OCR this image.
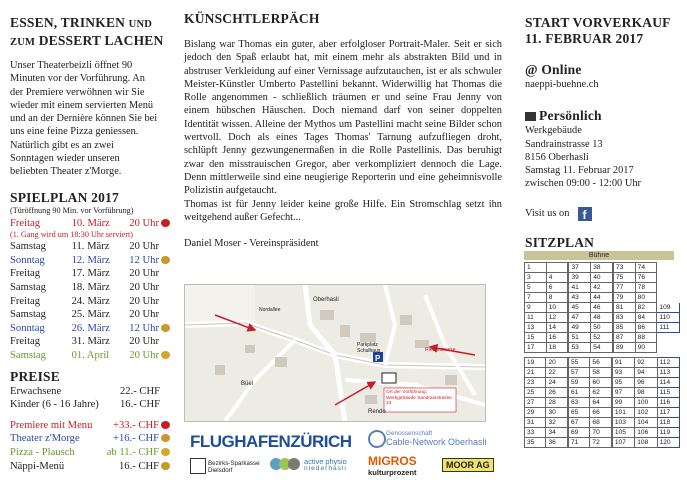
ESSEN, TRINKEN UND
ZUM DESSERT LACHEN

Unser Theaterbeizli öffnet 90 Minuten vor der Vorführung. An der Premiere verwöhnen wir Sie wieder mit einem servierten Menü und an der Dernière können Sie bei uns eine feine Pizza geniessen. Natürlich gibt es an zwei Sonntagen wieder unseren beliebten Theater z'Morge.

SPIELPLAN 2017

(Türöffnung 90 Min. vor Vorführung)

Freitag	10. März	20 Uhr
(1. Gang wird um 18:30 Uhr serviert)		
Samstag	11. März	20 Uhr
Sonntag	12. März	12 Uhr
Freitag	17. März	20 Uhr
Samstag	18. März	20 Uhr
Freitag	24. März	20 Uhr
Samstag	25. März	20 Uhr
Sonntag	26. März	12 Uhr
Freitag	31. März	20 Uhr
Samstag	01. April	20 Uhr
PREISE
Erwachsene	22.- CHF
Kinder (6 - 16 Jahre)	16.- CHF
Premiere mit Menu	+33.- CHF
Theater z'Morge	+16.- CHF
Pizza - Plausch	ab 11.- CHF
Näppi-Menü	16.- CHF
KÜNSCHTLERPÄCH

Bislang war Thomas ein guter, aber erfolgloser Portrait-Maler. Seit er sich jedoch den Spaß erlaubt hat, mit einem mehr als abstrakten Bild und in abstruser Verkleidung auf einer Vernissage aufzutauchen, ist er als schwuler Meister-Künstler Umberto Pastellini bekannt. Widerwillig hat Thomas die Rolle angenommen - schließlich träumen er und seine Frau Jenny von einem hübschen Häuschen. Doch niemand darf von seiner doppelten Identität wissen. Alleine der Mythos um Pastellini macht seine Bilder schon wertvoll. Doch als eines Tages Thomas' Tarnung aufzufliegen droht, schlüpft Jenny gezwungenermaßen in die Rolle Pastellinis. Das beruhigt zwar den misstrauischen Gregor, aber verkompliziert dennoch die Lage. Denn mittlerweile sind eine neugierige Reporterin und eine geheimnisvolle Polizistin aufgetaucht.

Thomas ist für Jenny leider keine große Hilfe. Ein Stromschlag setzt ihn weitgehend außer Gefecht...

Daniel Moser - Vereinspräsident

P
Oberhasli
Büel
Rendo
Parkplatz Schulhaus	Rietenstrasse
Nordallee
Ort der Vorführung: Werkgebäude Sandrainstrasse 13
FLUGHAFENZÜRICH	Genossenschaft
Cable-Network Oberhasli
Bezirks-Sparkasse Dielsdorf
active physio
niederhasli
MIGROS
kulturprozent
MOOR AG
START VORVERKAUF
11. FEBRUAR 2017
@ Online

naeppi-buehne.ch

Persönlich
Werkgebäude
Sandrainstrasse 13
8156 Oberhasli
Samstag 11. Februar 2017
zwischen 09:00 - 12:00 Uhr
Visit us on f
SITZPLAN
Bühne
1		37	38	73	74	
3	4	39	40	75	76	
5	6	41	42	77	78	
7	8	43	44	79	80	
9	10	45	46	81	82	109
11	12	47	48	83	84	110
13	14	49	50	85	86	111
15	16	51	52	87	88	
17	18	53	54	89	90	
19	20	55	56	91	92	112
21	22	57	58	93	94	113
23	24	59	60	95	96	114
25	26	61	62	97	98	115
27	28	63	64	99	100	116
29	30	65	66	101	102	117
31	32	67	68	103	104	118
33	34	69	70	105	106	119
35	36	71	72	107	108	120
